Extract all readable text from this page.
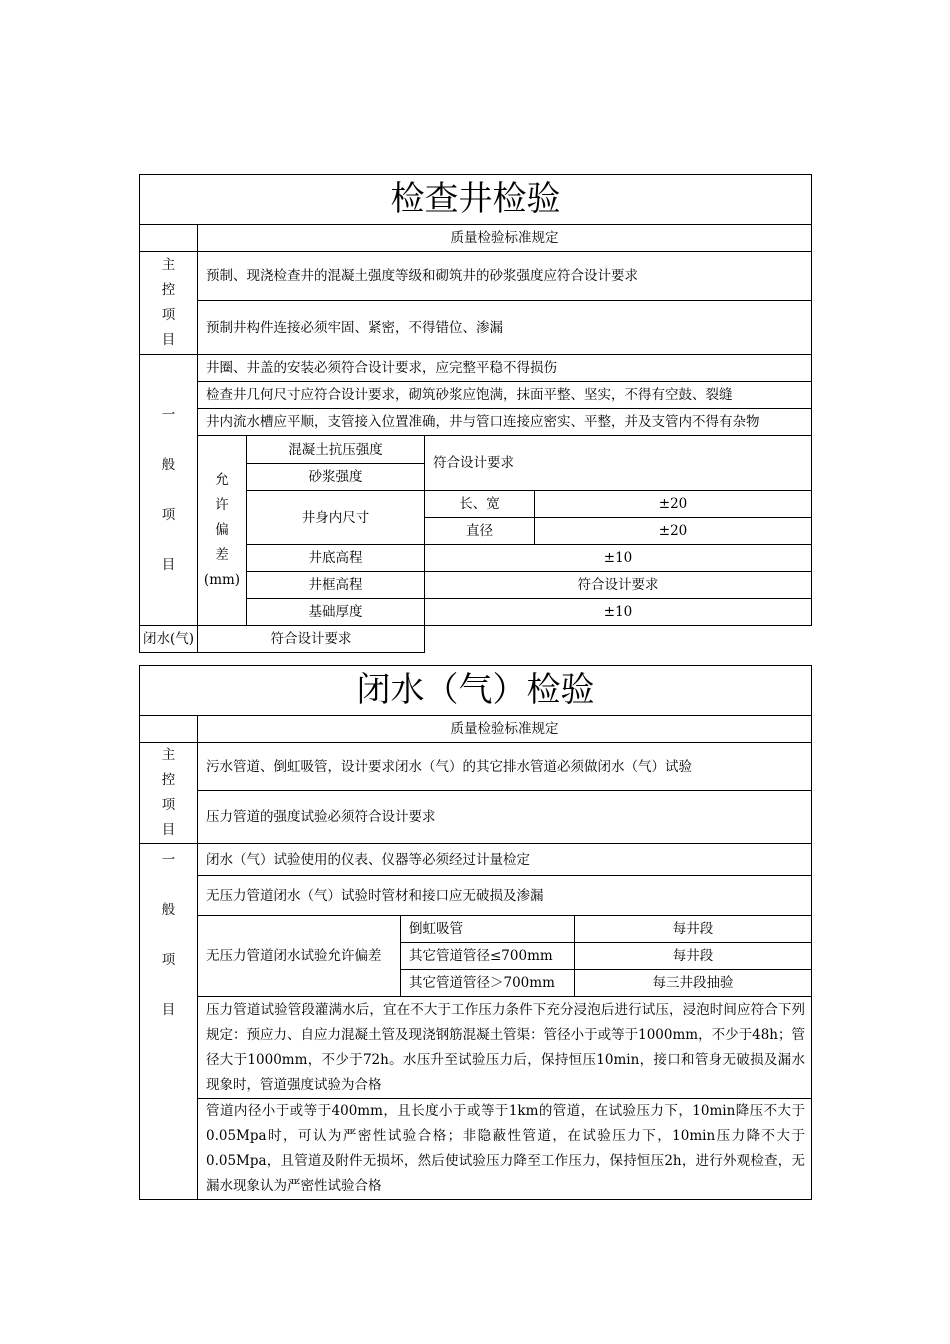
检查井检验				
	质量检验标准规定			

主
控
项
目	预制、现浇检查井的混凝土强度等级和砌筑井的砂浆强度应符合设计要求			
	预制井构件连接必须牢固、紧密，不得错位、渗漏			

一
般
项
目	井圈、井盖的安装必须符合设计要求，应完整平稳不得损伤			
	检查井几何尺寸应符合设计要求，砌筑砂浆应饱满，抹面平整、坚实，不得有空鼓、裂缝			
	井内流水槽应平顺，支管接入位置准确，井与管口连接应密实、平整，并及支管内不得有杂物			

	允
许
偏
差
(mm)	混凝土抗压强度	符合设计要求	
		砂浆强度		
		井身内尺寸	长、宽	±20
			直径	±20
		井底高程	±10	
		井框高程	符合设计要求	
		基础厚度	±10	
闭水(气)	符合设计要求			
闭水（气）检验			
	质量检验标准规定		

主
控
项
目	污水管道、倒虹吸管，设计要求闭水（气）的其它排水管道必须做闭水（气）试验		
	压力管道的强度试验必须符合设计要求		

一
般
项
目	闭水（气）试验使用的仪表、仪器等必须经过计量检定		
	无压力管道闭水（气）试验时管材和接口应无破损及渗漏		
	无压力管道闭水试验允许偏差	倒虹吸管	每井段
		其它管道管径≤700mm	每井段
		其它管道管径＞700mm	每三井段抽验
	压力管道试验管段灌满水后，宜在不大于工作压力条件下充分浸泡后进行试压，浸泡时间应符合下列规定：预应力、自应力混凝土管及现浇钢筋混凝土管渠：管径小于或等于1000mm，不少于48h；管径大于1000mm，不少于72h。水压升至试验压力后，保持恒压10min，接口和管身无破损及漏水现象时，管道强度试验为合格		
	管道内径小于或等于400mm，且长度小于或等于1km的管道，在试验压力下，10min降压不大于0.05Mpa时，可认为严密性试验合格；非隐蔽性管道，在试验压力下，10min压力降不大于0.05Mpa，且管道及附件无损坏，然后使试验压力降至工作压力，保持恒压2h，进行外观检查，无漏水现象认为严密性试验合格		
